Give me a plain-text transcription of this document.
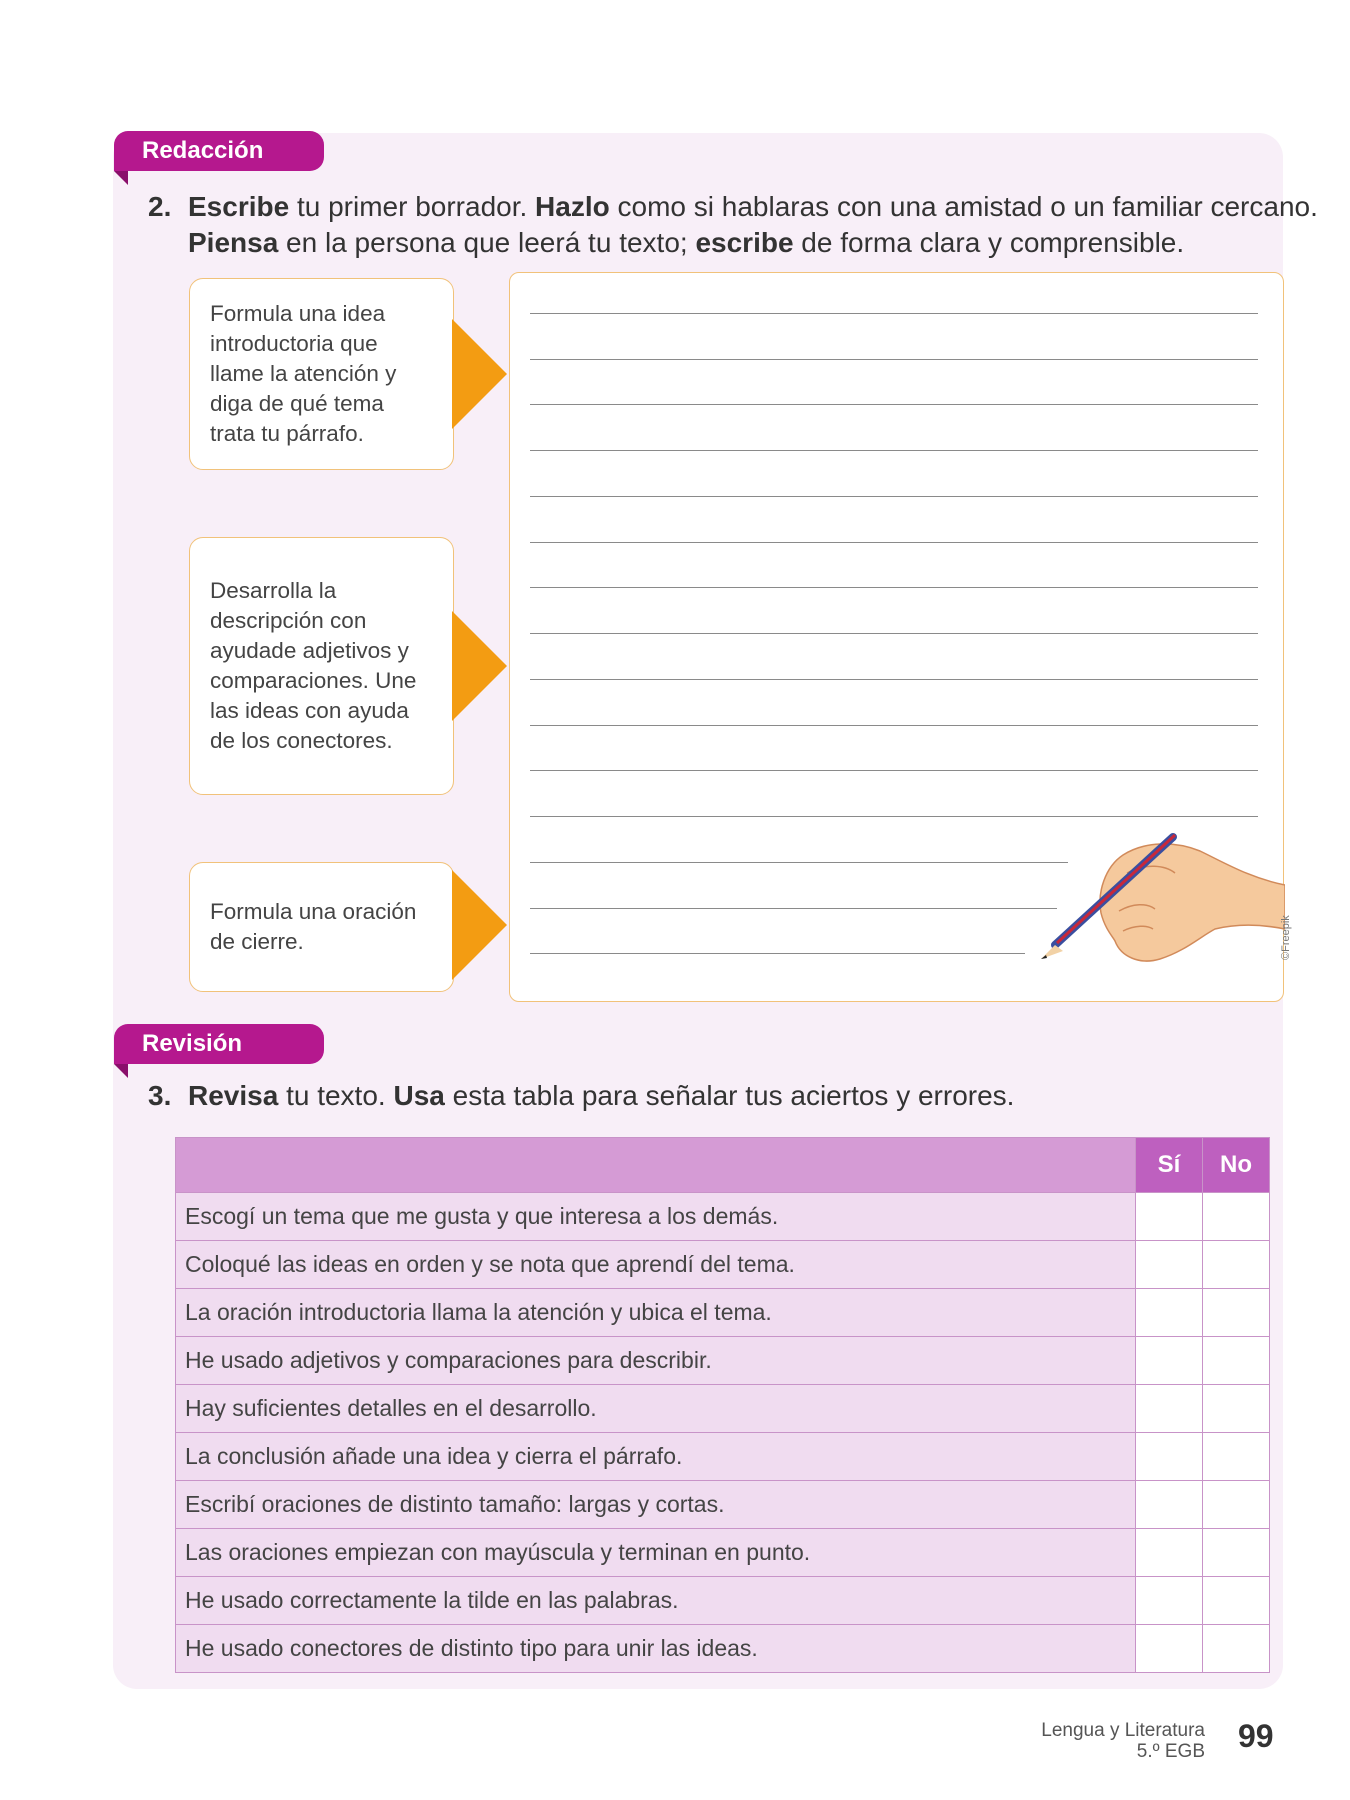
Redacción
2. Escribe tu primer borrador. Hazlo como si hablaras con una amistad o un familiar cercano.
Piensa en la persona que leerá tu texto; escribe de forma clara y comprensible.
Formula una idea introductoria que llame la atención y diga de qué tema trata tu párrafo.
Desarrolla la descripción con ayudade adjetivos y comparaciones. Une las ideas con ayuda de los conectores.
Formula una oración de cierre.	©Freepik
Revisión
3. Revisa tu texto. Usa esta tabla para señalar tus aciertos y errores.
	Sí	No
Escogí un tema que me gusta y que interesa a los demás.		
Coloqué las ideas en orden y se nota que aprendí del tema.		
La oración introductoria llama la atención y ubica el tema.		
He usado adjetivos y comparaciones para describir.		
Hay suficientes detalles en el desarrollo.		
La conclusión añade una idea y cierra el párrafo.		
Escribí oraciones de distinto tamaño: largas y cortas.		
Las oraciones empiezan con mayúscula y terminan en punto.		
He usado correctamente la tilde en las palabras.		
He usado conectores de distinto tipo para unir las ideas.		
Lengua y Literatura
5.º EGB 99
